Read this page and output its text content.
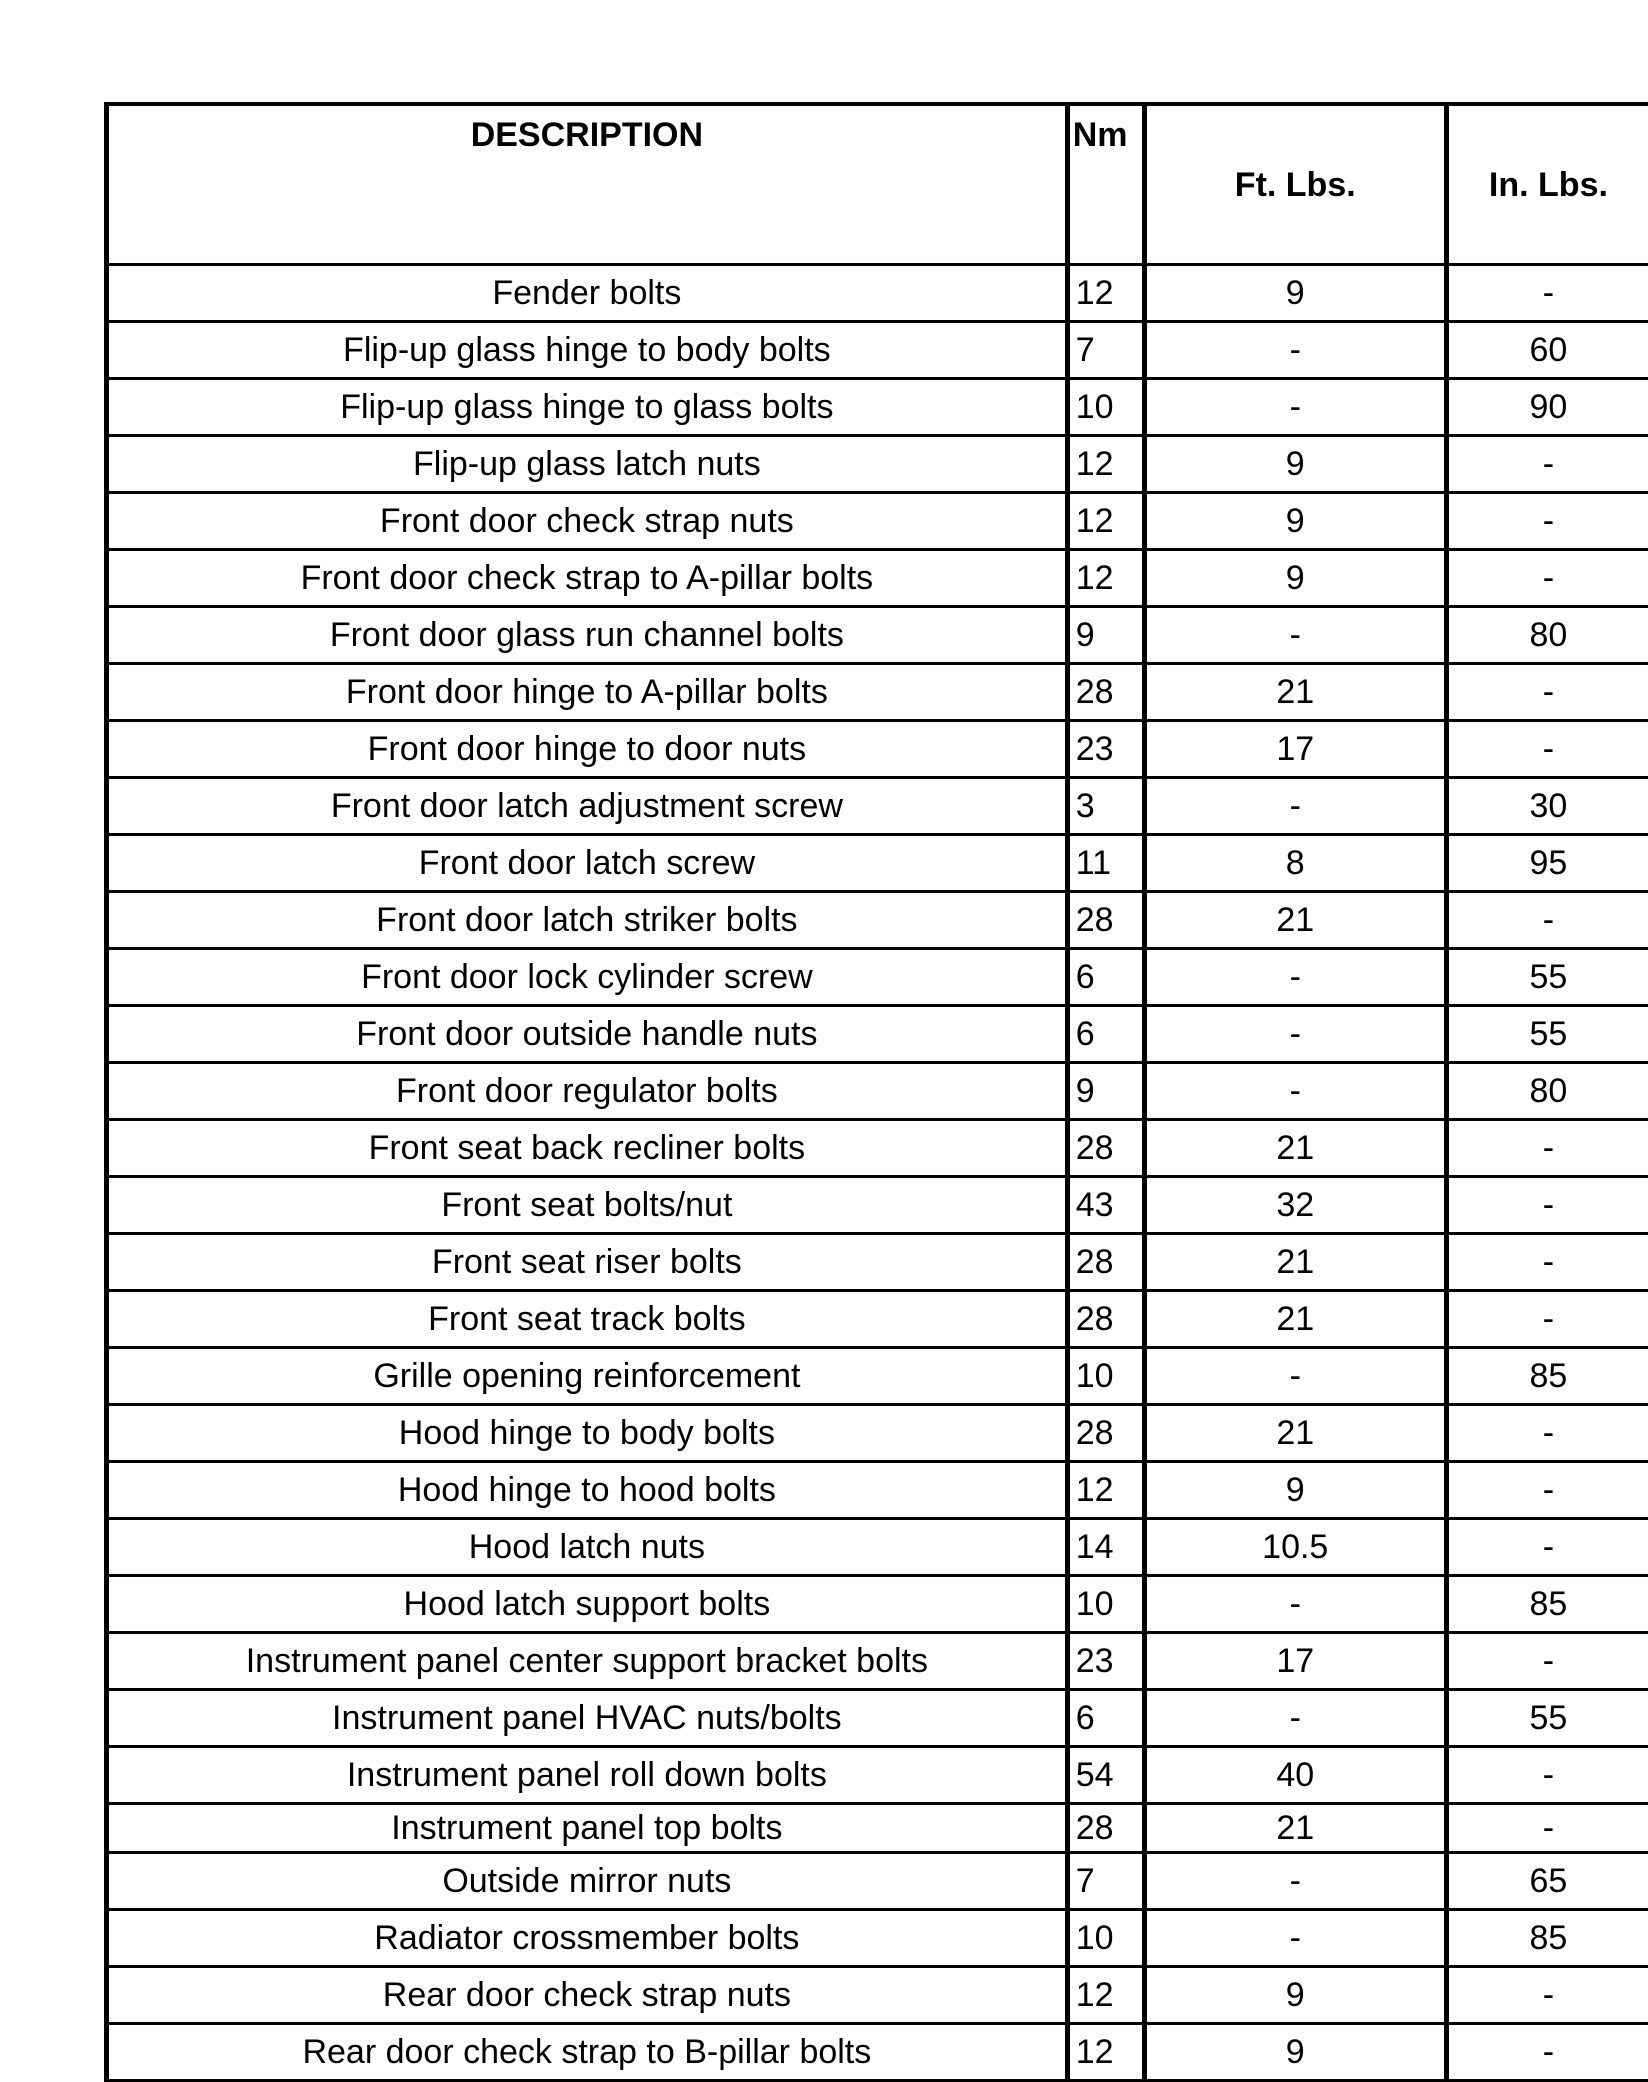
DESCRIPTION	Nm	Ft. Lbs.	In. Lbs.
Fender bolts	12	9	-
Flip-up glass hinge to body bolts	7	-	60
Flip-up glass hinge to glass bolts	10	-	90
Flip-up glass latch nuts	12	9	-
Front door check strap nuts	12	9	-
Front door check strap to A-pillar bolts	12	9	-
Front door glass run channel bolts	9	-	80
Front door hinge to A-pillar bolts	28	21	-
Front door hinge to door nuts	23	17	-
Front door latch adjustment screw	3	-	30
Front door latch screw	11	8	95
Front door latch striker bolts	28	21	-
Front door lock cylinder screw	6	-	55
Front door outside handle nuts	6	-	55
Front door regulator bolts	9	-	80
Front seat back recliner bolts	28	21	-
Front seat bolts/nut	43	32	-
Front seat riser bolts	28	21	-
Front seat track bolts	28	21	-
Grille opening reinforcement	10	-	85
Hood hinge to body bolts	28	21	-
Hood hinge to hood bolts	12	9	-
Hood latch nuts	14	10.5	-
Hood latch support bolts	10	-	85
Instrument panel center support bracket bolts	23	17	-
Instrument panel HVAC nuts/bolts	6	-	55
Instrument panel roll down bolts	54	40	-
Instrument panel top bolts	28	21	-
Outside mirror nuts	7	-	65
Radiator crossmember bolts	10	-	85
Rear door check strap nuts	12	9	-
Rear door check strap to B-pillar bolts	12	9	-
